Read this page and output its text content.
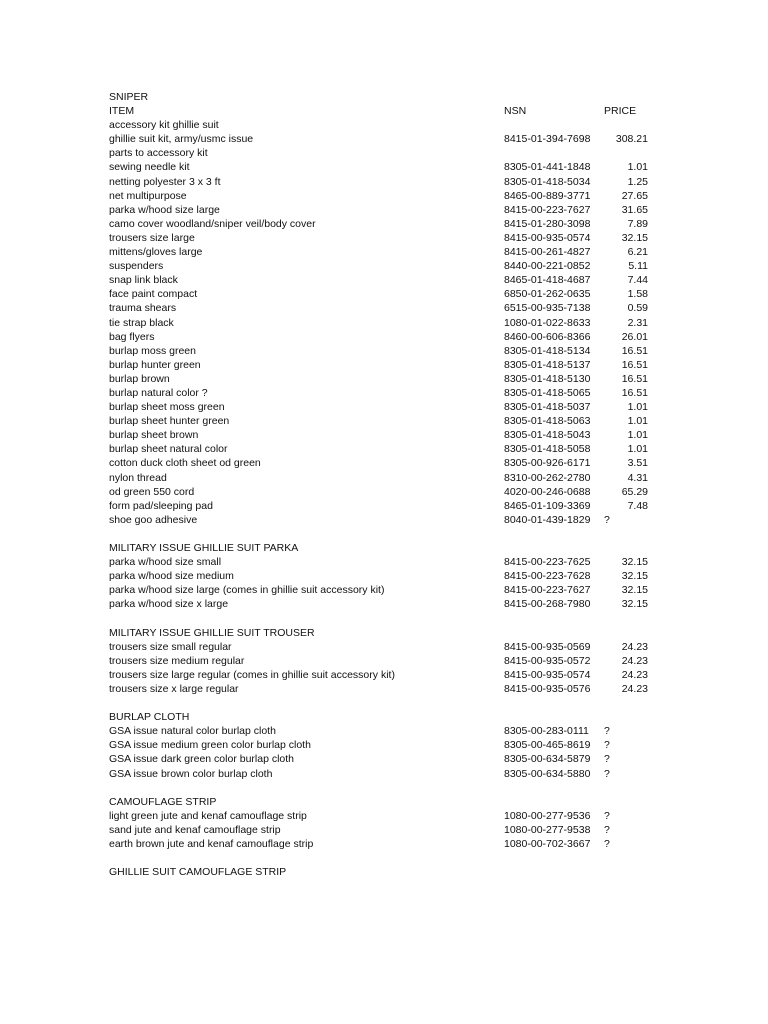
SNIPER
ITEM	NSN	PRICE
accessory kit ghillie suit
ghillie suit kit, army/usmc issue	8415-01-394-7698	308.21
parts to accessory kit
sewing needle kit	8305-01-441-1848	1.01
netting polyester 3 x 3 ft	8305-01-418-5034	1.25
net multipurpose	8465-00-889-3771	27.65
parka w/hood size large	8415-00-223-7627	31.65
camo cover woodland/sniper veil/body cover	8415-01-280-3098	7.89
trousers size large	8415-00-935-0574	32.15
mittens/gloves large	8415-00-261-4827	6.21
suspenders	8440-00-221-0852	5.11
snap link black	8465-01-418-4687	7.44
face paint compact	6850-01-262-0635	1.58
trauma shears	6515-00-935-7138	0.59
tie strap black	1080-01-022-8633	2.31
bag flyers	8460-00-606-8366	26.01
burlap moss green	8305-01-418-5134	16.51
burlap hunter green	8305-01-418-5137	16.51
burlap brown	8305-01-418-5130	16.51
burlap natural color ?	8305-01-418-5065	16.51
burlap sheet moss green	8305-01-418-5037	1.01
burlap sheet hunter green	8305-01-418-5063	1.01
burlap sheet brown	8305-01-418-5043	1.01
burlap sheet natural color	8305-01-418-5058	1.01
cotton duck cloth sheet od green	8305-00-926-6171	3.51
nylon thread	8310-00-262-2780	4.31
od green 550 cord	4020-00-246-0688	65.29
form pad/sleeping pad	8465-01-109-3369	7.48
shoe goo adhesive	8040-01-439-1829 ?
MILITARY ISSUE GHILLIE SUIT PARKA
parka w/hood size small	8415-00-223-7625	32.15
parka w/hood size medium	8415-00-223-7628	32.15
parka w/hood size large (comes in ghillie suit accessory kit)	8415-00-223-7627	32.15
parka w/hood size x large	8415-00-268-7980	32.15
MILITARY ISSUE GHILLIE SUIT TROUSER
trousers size small regular	8415-00-935-0569	24.23
trousers size medium regular	8415-00-935-0572	24.23
trousers size large regular (comes in ghillie suit accessory kit)	8415-00-935-0574	24.23
trousers size x large regular	8415-00-935-0576	24.23
BURLAP CLOTH
GSA issue natural color burlap cloth	8305-00-283-0111 ?
GSA issue medium green color burlap cloth	8305-00-465-8619 ?
GSA issue dark green color burlap cloth	8305-00-634-5879 ?
GSA issue brown color burlap cloth	8305-00-634-5880 ?
CAMOUFLAGE STRIP
light green jute and kenaf camouflage strip	1080-00-277-9536 ?
sand jute and kenaf camouflage strip	1080-00-277-9538 ?
earth brown jute and kenaf camouflage strip	1080-00-702-3667 ?
GHILLIE SUIT CAMOUFLAGE STRIP
